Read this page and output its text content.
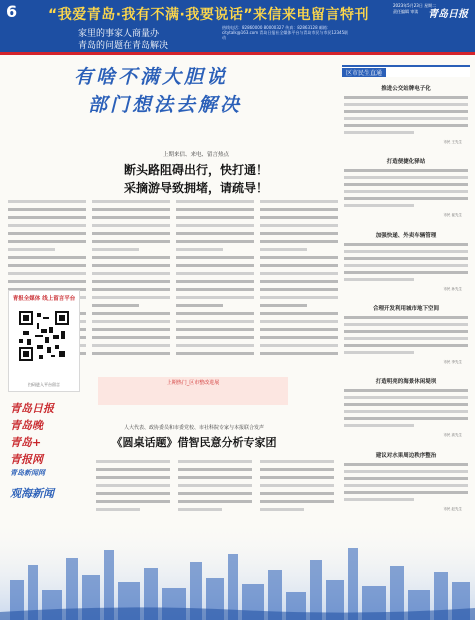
6 “我爱青岛·我有不满·我要说话”来信来电留言特刊
家里的事家人商量办
青岛的问题在青岛解决
热线电话：82860000 80000327 传真：82863128 邮箱：citytalk@163.com 青岛日报社全媒体平台与青岛市民与市民12345联动
2023年5月23日 星期二 责任编辑 审读 青岛日报
有啥不满大胆说
部门想法去解决
上期来信、来电、留言热点
断头路阻碍出行，快打通！
采摘游导致拥堵，请疏导！
青报全媒体 线上留言平台
扫码进入平台留言
青岛日报
青岛晚
青岛+
青报网
青岛新闻网
观海新闻
上期热门_区市整改进展
人大代表、政协委员和市委党校、市社科院专家与本报联合发声
《圆桌话题》借智民意分析专家团
区市民生直通
推进公交站牌电子化
市民 王先生
打造便捷化驿站
市民 崔先生
加强快递、外卖车辆管理
市民 孙先生
合理开发利用城市地下空间
市民 李先生
打造明亮的海景休闲堤坝
市民 高先生
建议对水果周边秩序整治
市民 赵先生
